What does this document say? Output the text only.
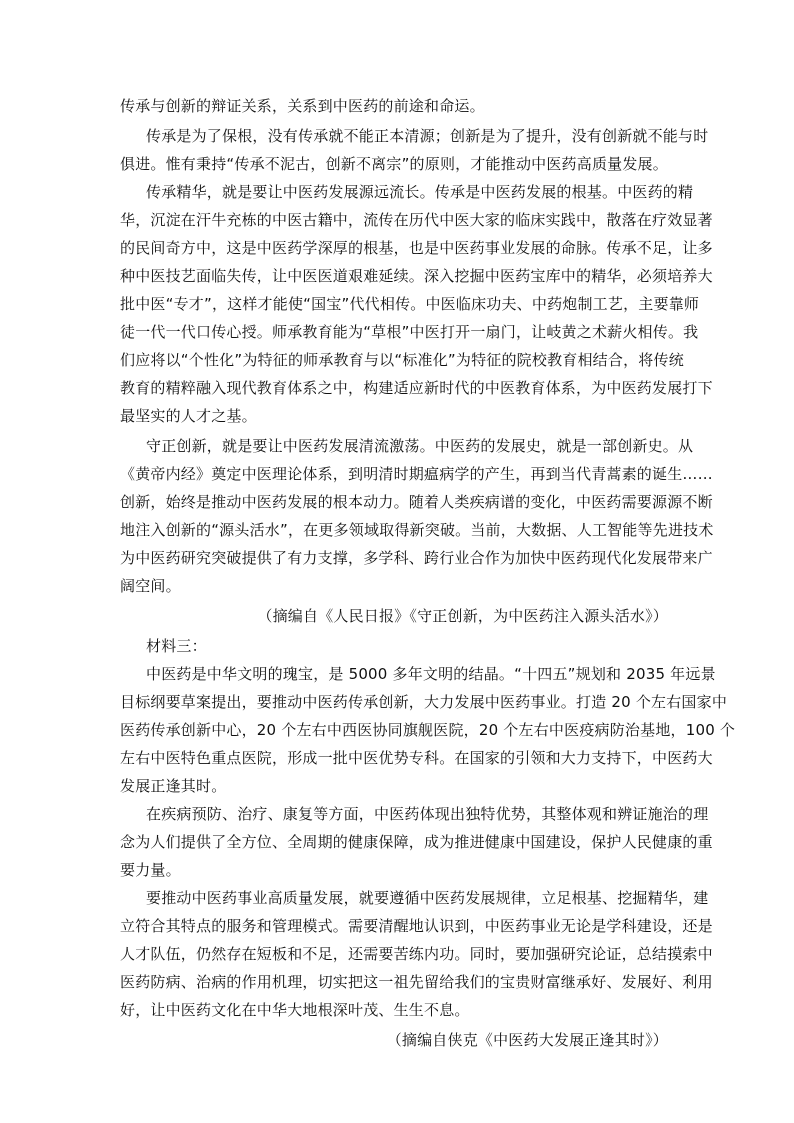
传承与创新的辩证关系，关系到中医药的前途和命运。
传承是为了保根，没有传承就不能正本清源；创新是为了提升，没有创新就不能与时
俱进。惟有秉持“传承不泥古，创新不离宗”的原则，才能推动中医药高质量发展。
传承精华，就是要让中医药发展源远流长。传承是中医药发展的根基。中医药的精
华，沉淀在汗牛充栋的中医古籍中，流传在历代中医大家的临床实践中，散落在疗效显著
的民间奇方中，这是中医药学深厚的根基，也是中医药事业发展的命脉。传承不足，让多
种中医技艺面临失传，让中医医道艰难延续。深入挖掘中医药宝库中的精华，必须培养大
批中医“专才”，这样才能使“国宝”代代相传。中医临床功夫、中药炮制工艺，主要靠师
徒一代一代口传心授。师承教育能为“草根”中医打开一扇门，让岐黄之术薪火相传。我
们应将以“个性化”为特征的师承教育与以“标准化”为特征的院校教育相结合，将传统
教育的精粹融入现代教育体系之中，构建适应新时代的中医教育体系，为中医药发展打下
最坚实的人才之基。
守正创新，就是要让中医药发展清流激荡。中医药的发展史，就是一部创新史。从
《黄帝内经》奠定中医理论体系，到明清时期瘟病学的产生，再到当代青蒿素的诞生……
创新，始终是推动中医药发展的根本动力。随着人类疾病谱的变化，中医药需要源源不断
地注入创新的“源头活水”，在更多领域取得新突破。当前，大数据、人工智能等先进技术
为中医药研究突破提供了有力支撑，多学科、跨行业合作为加快中医药现代化发展带来广
阔空间。
（摘编自《人民日报》《守正创新，为中医药注入源头活水》）
材料三：
中医药是中华文明的瑰宝，是 5000 多年文明的结晶。“十四五”规划和 2035 年远景
目标纲要草案提出，要推动中医药传承创新，大力发展中医药事业。打造 20 个左右国家中
医药传承创新中心，20 个左右中西医协同旗舰医院，20 个左右中医疫病防治基地，100 个
左右中医特色重点医院，形成一批中医优势专科。在国家的引领和大力支持下，中医药大
发展正逢其时。
在疾病预防、治疗、康复等方面，中医药体现出独特优势，其整体观和辨证施治的理
念为人们提供了全方位、全周期的健康保障，成为推进健康中国建设，保护人民健康的重
要力量。
要推动中医药事业高质量发展，就要遵循中医药发展规律，立足根基、挖掘精华，建
立符合其特点的服务和管理模式。需要清醒地认识到，中医药事业无论是学科建设，还是
人才队伍，仍然存在短板和不足，还需要苦练内功。同时，要加强研究论证，总结摸索中
医药防病、治病的作用机理，切实把这一祖先留给我们的宝贵财富继承好、发展好、利用
好，让中医药文化在中华大地根深叶茂、生生不息。
（摘编自侠克《中医药大发展正逢其时》）
